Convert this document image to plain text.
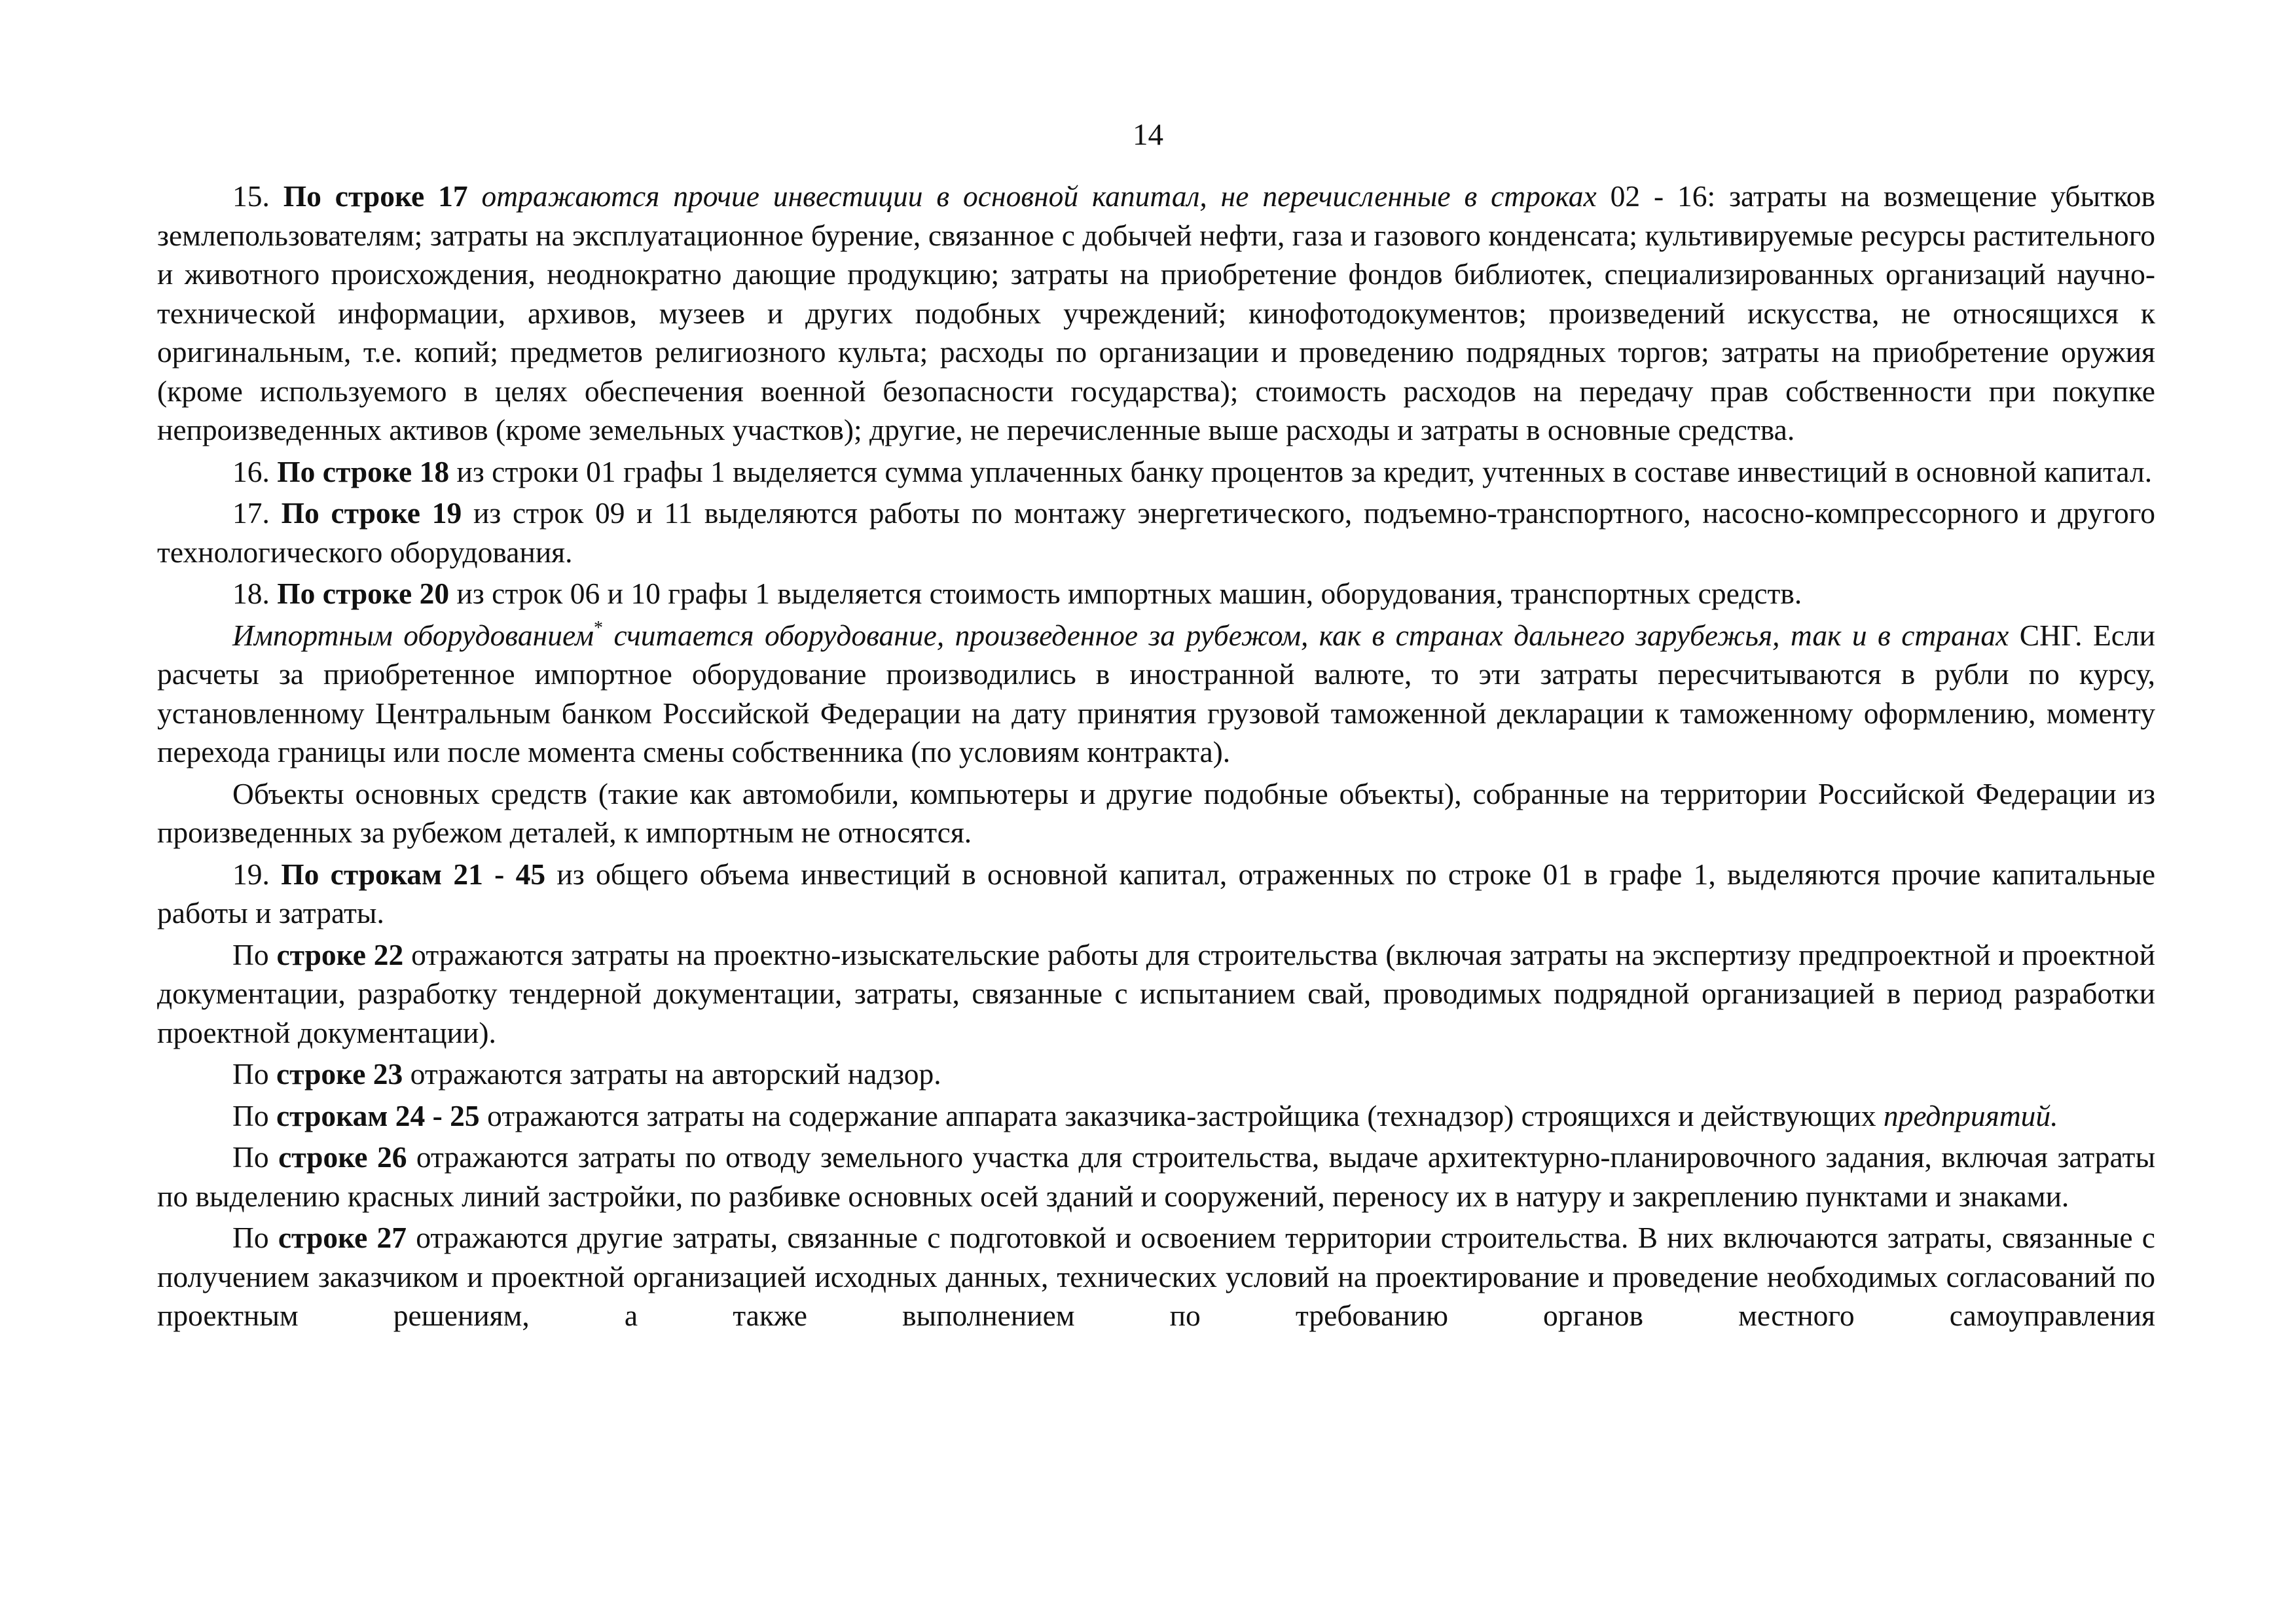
14

15. По строке 17 отражаются прочие инвестиции в основной капитал, не перечисленные в строках 02 - 16: затраты на возмещение убытков землепользователям; затраты на эксплуатационное бурение, связанное с добычей нефти, газа и газового конденсата; культивируемые ресурсы растительного и животного происхождения, неоднократно дающие продукцию; затраты на приобретение фондов библиотек, специализированных организаций научно-технической информации, архивов, музеев и других подобных учреждений; кинофотодокументов; произведений искусства, не относящихся к оригинальным, т.е. копий; предметов религиозного культа; расходы по организации и проведению подрядных торгов; затраты на приобретение оружия (кроме используемого в целях обеспечения военной безопасности государства); стоимость расходов на передачу прав собственности при покупке непроизведенных активов (кроме земельных участков); другие, не перечисленные выше расходы и затраты в основные средства.

16. По строке 18 из строки 01 графы 1 выделяется сумма уплаченных банку процентов за кредит, учтенных в составе инвестиций в основной капитал.

17. По строке 19 из строк 09 и 11 выделяются работы по монтажу энергетического, подъемно-транспортного, насосно-компрессорного и другого технологического оборудования.

18. По строке 20 из строк 06 и 10 графы 1 выделяется стоимость импортных машин, оборудования, транспортных средств.

Импортным оборудованием* считается оборудование, произведенное за рубежом, как в странах дальнего зарубежья, так и в странах СНГ. Если расчеты за приобретенное импортное оборудование производились в иностранной валюте, то эти затраты пересчитываются в рубли по курсу, установленному Центральным банком Российской Федерации на дату принятия грузовой таможенной декларации к таможенному оформлению, моменту перехода границы или после момента смены собственника (по условиям контракта).

Объекты основных средств (такие как автомобили, компьютеры и другие подобные объекты), собранные на территории Российской Федерации из произведенных за рубежом деталей, к импортным не относятся.

19. По строкам 21 - 45 из общего объема инвестиций в основной капитал, отраженных по строке 01 в графе 1, выделяются прочие капитальные работы и затраты.

По строке 22 отражаются затраты на проектно-изыскательские работы для строительства (включая затраты на экспертизу предпроектной и проектной документации, разработку тендерной документации, затраты, связанные с испытанием свай, проводимых подрядной организацией в период разработки проектной документации).

По строке 23 отражаются затраты на авторский надзор.

По строкам 24 - 25 отражаются затраты на содержание аппарата заказчика-застройщика (технадзор) строящихся и действующих предприятий.

По строке 26 отражаются затраты по отводу земельного участка для строительства, выдаче архитектурно-планировочного задания, включая затраты по выделению красных линий застройки, по разбивке основных осей зданий и сооружений, переносу их в натуру и закреплению пунктами и знаками.

По строке 27 отражаются другие затраты, связанные с подготовкой и освоением территории строительства. В них включаются затраты, связанные с получением заказчиком и проектной организацией исходных данных, технических условий на проектирование и проведение необходимых согласований по проектным решениям, а также выполнением по требованию органов местного самоуправления
